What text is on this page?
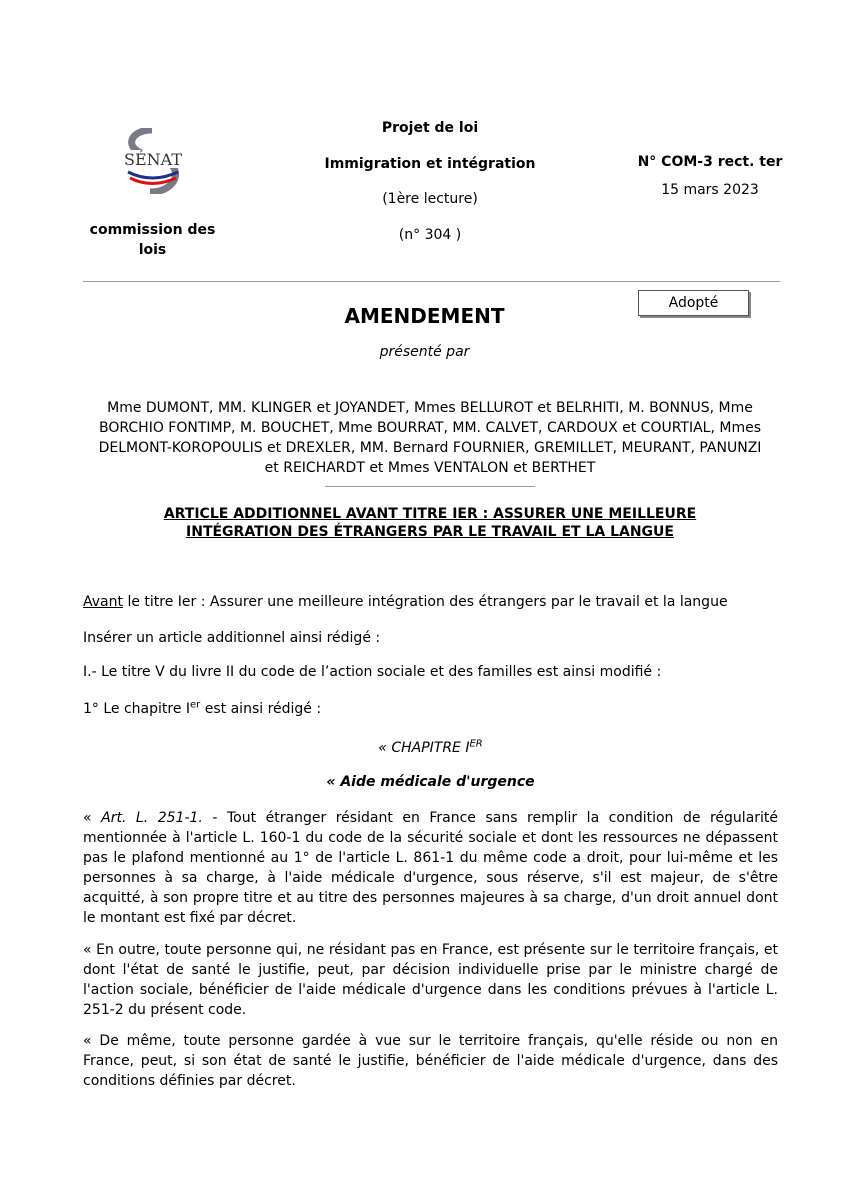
SÉNAT
commission des lois
Projet de loi
Immigration et intégration
(1ère lecture)
(n° 304 )
N° COM-3 rect. ter
15 mars 2023
Adopté
AMENDEMENT
présenté par
Mme DUMONT, MM. KLINGER et JOYANDET, Mmes BELLUROT et BELRHITI, M. BONNUS, Mme BORCHIO FONTIMP, M. BOUCHET, Mme BOURRAT, MM. CALVET, CARDOUX et COURTIAL, Mmes DELMONT-KOROPOULIS et DREXLER, MM. Bernard FOURNIER, GREMILLET, MEURANT, PANUNZI et REICHARDT et Mmes VENTALON et BERTHET
ARTICLE ADDITIONNEL AVANT TITRE IER : ASSURER UNE MEILLEURE INTÉGRATION DES ÉTRANGERS PAR LE TRAVAIL ET LA LANGUE
Avant le titre Ier : Assurer une meilleure intégration des étrangers par le travail et la langue
Insérer un article additionnel ainsi rédigé :
I.- Le titre V du livre II du code de l’action sociale et des familles est ainsi modifié :
1° Le chapitre Ier est ainsi rédigé :
« CHAPITRE IER
« Aide médicale d'urgence
« Art. L. 251-1. - Tout étranger résidant en France sans remplir la condition de régularité mentionnée à l'article L. 160-1 du code de la sécurité sociale et dont les ressources ne dépassent pas le plafond mentionné au 1° de l'article L. 861-1 du même code a droit, pour lui-même et les personnes à sa charge, à l'aide médicale d'urgence, sous réserve, s'il est majeur, de s'être acquitté, à son propre titre et au titre des personnes majeures à sa charge, d'un droit annuel dont le montant est fixé par décret.
« En outre, toute personne qui, ne résidant pas en France, est présente sur le territoire français, et dont l'état de santé le justifie, peut, par décision individuelle prise par le ministre chargé de l'action sociale, bénéficier de l'aide médicale d'urgence dans les conditions prévues à l'article L. 251-2 du présent code.
« De même, toute personne gardée à vue sur le territoire français, qu'elle réside ou non en France, peut, si son état de santé le justifie, bénéficier de l'aide médicale d'urgence, dans des conditions définies par décret.
